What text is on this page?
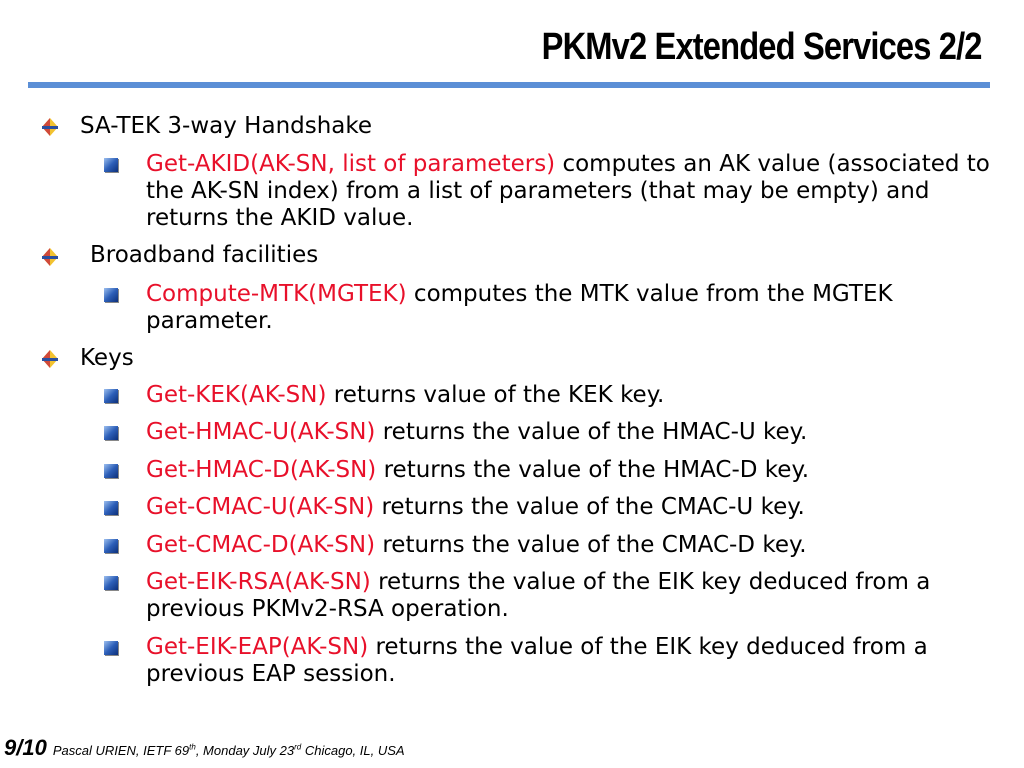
PKMv2 Extended Services 2/2
SA-TEK 3-way Handshake
Get-AKID(AK-SN, list of parameters) computes an AK value (associated to the AK-SN index) from a list of parameters (that may be empty) and returns the AKID value.
Broadband facilities
Compute-MTK(MGTEK) computes the MTK value from the MGTEK parameter.
Keys
Get-KEK(AK-SN) returns value of the KEK key.
Get-HMAC-U(AK-SN) returns the value of the HMAC-U key.
Get-HMAC-D(AK-SN) returns the value of the HMAC-D key.
Get-CMAC-U(AK-SN) returns the value of the CMAC-U key.
Get-CMAC-D(AK-SN) returns the value of the CMAC-D key.
Get-EIK-RSA(AK-SN) returns the value of the EIK key deduced from a previous PKMv2-RSA operation.
Get-EIK-EAP(AK-SN) returns the value of the EIK key deduced from a previous EAP session.
9/10 Pascal URIEN, IETF 69th, Monday July 23rd Chicago, IL, USA
